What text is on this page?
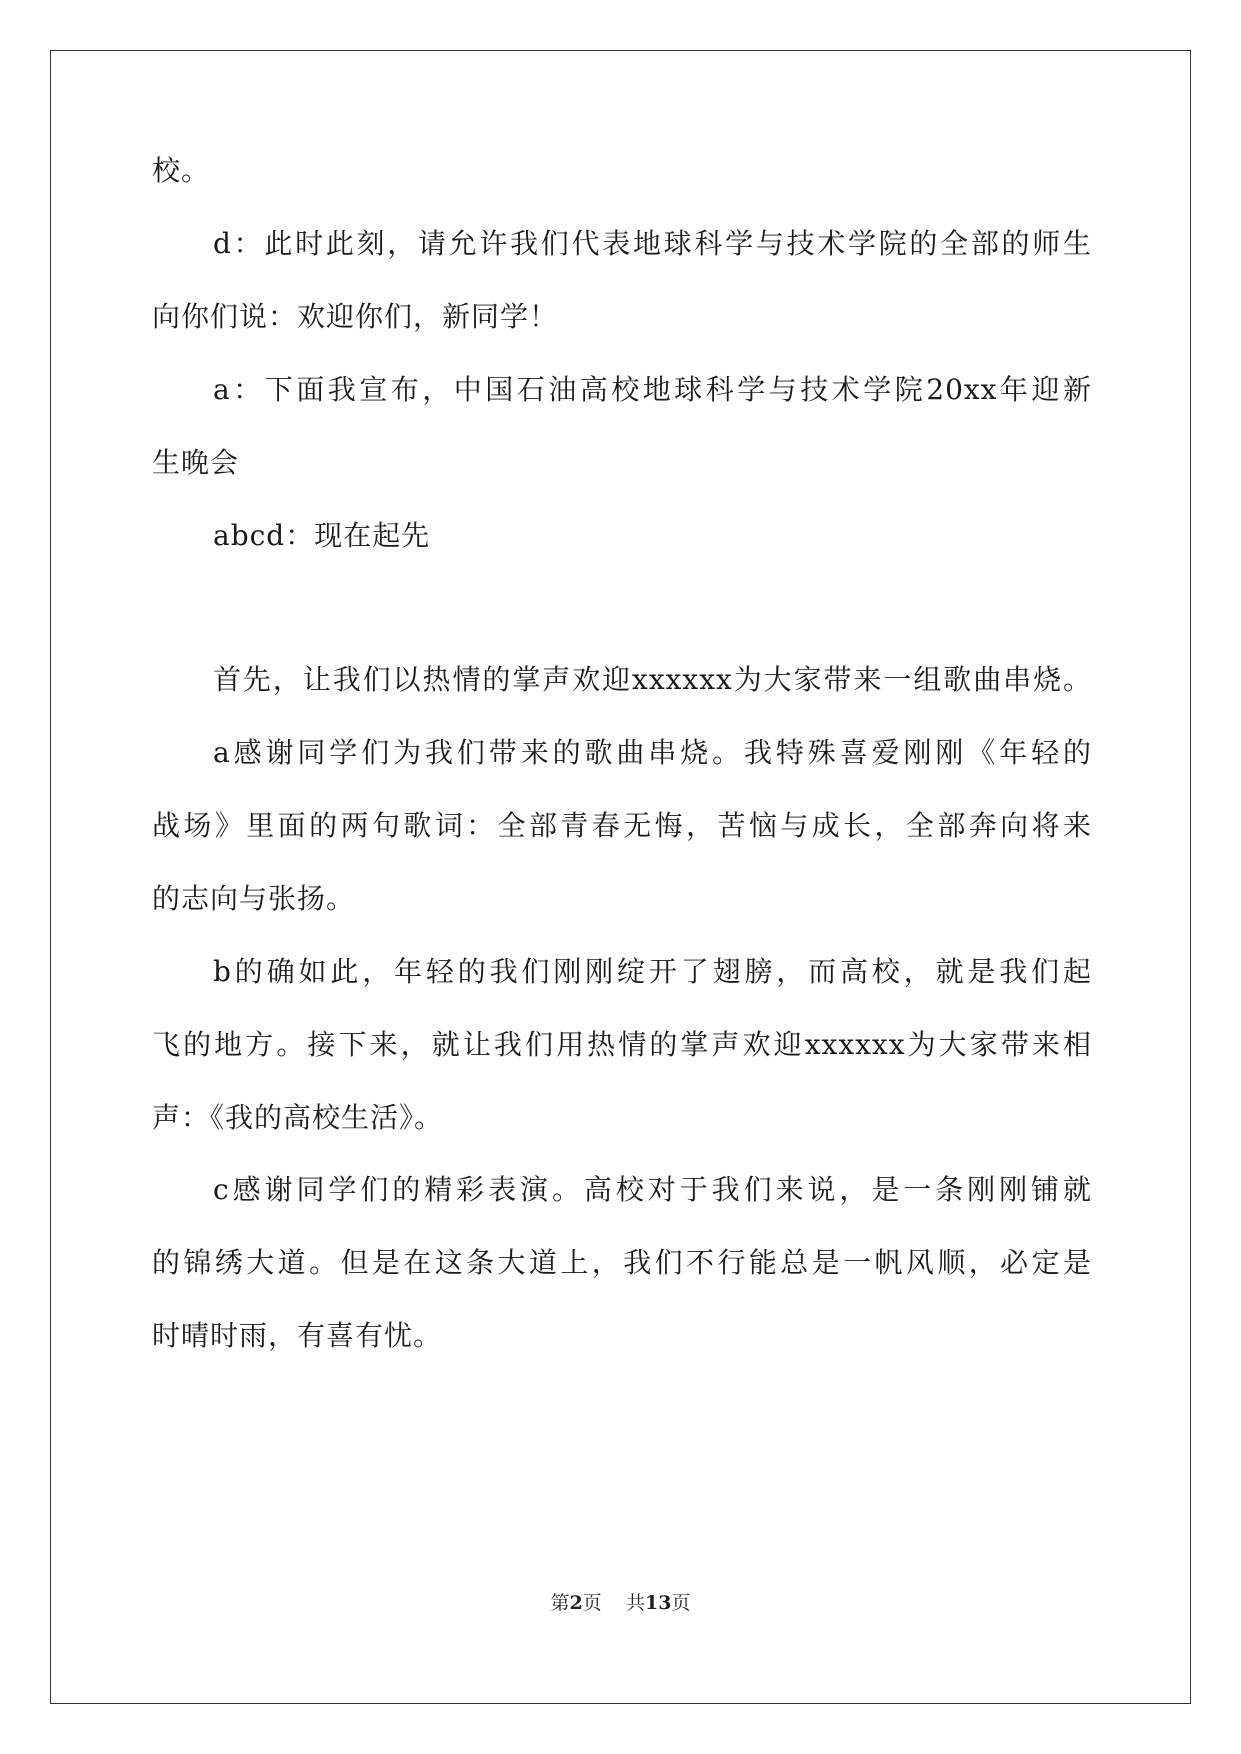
校。
d：此时此刻，请允许我们代表地球科学与技术学院的全部的师生
向你们说：欢迎你们，新同学！
a：下面我宣布，中国石油高校地球科学与技术学院20xx年迎新
生晚会
abcd：现在起先
首先，让我们以热情的掌声欢迎xxxxxx为大家带来一组歌曲串烧。
a感谢同学们为我们带来的歌曲串烧。我特殊喜爱刚刚《年轻的
战场》里面的两句歌词：全部青春无悔，苦恼与成长，全部奔向将来
的志向与张扬。
b的确如此，年轻的我们刚刚绽开了翅膀，而高校，就是我们起
飞的地方。接下来，就让我们用热情的掌声欢迎xxxxxx为大家带来相
声：《我的高校生活》。
c感谢同学们的精彩表演。高校对于我们来说，是一条刚刚铺就
的锦绣大道。但是在这条大道上，我们不行能总是一帆风顺，必定是
时晴时雨，有喜有忧。
第2页 共13页
